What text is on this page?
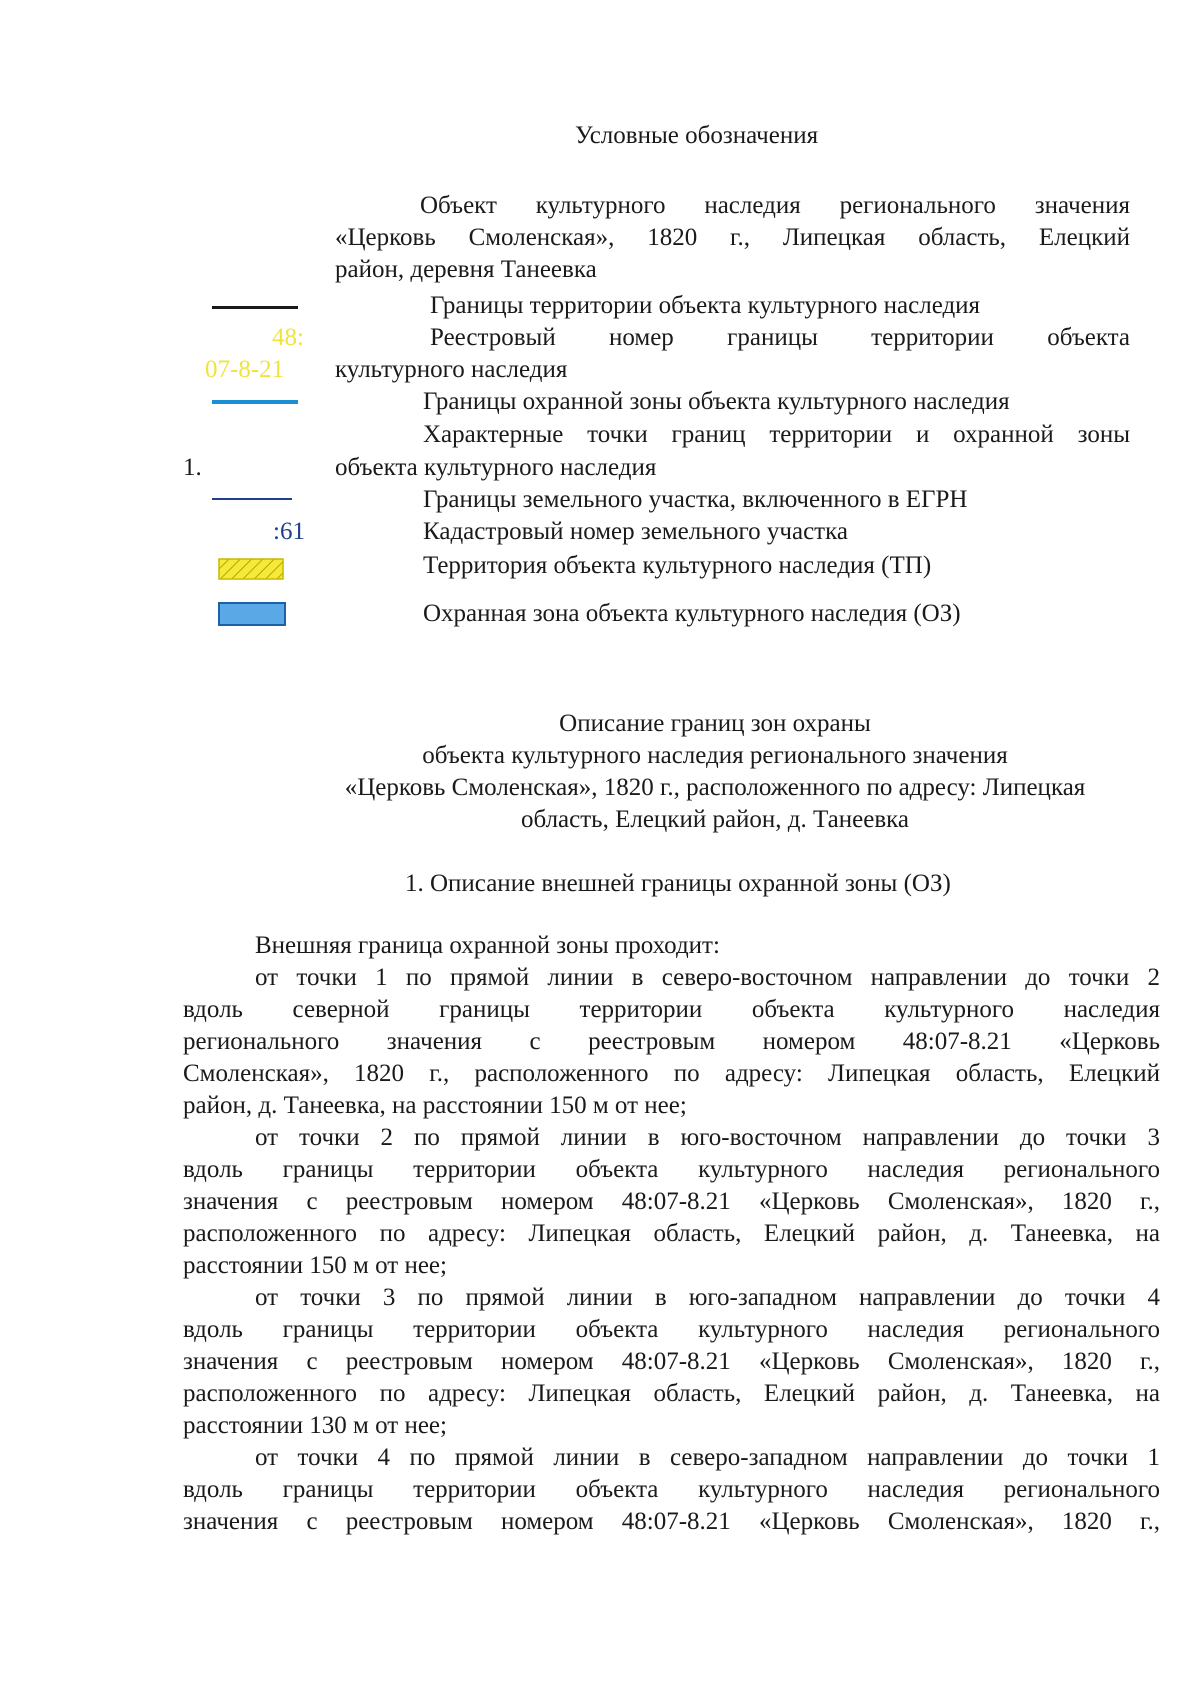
Условные обозначения
Объект культурного наследия регионального значения
«Церковь Смоленская», 1820 г., Липецкая область, Елецкий
район, деревня Танеевка
Границы территории объекта культурного наследия
48:
07-8-21
Реестровый номер границы территории объекта
культурного наследия
Границы охранной зоны объекта культурного наследия
Характерные точки границ территории и охранной зоны
1.	объекта культурного наследия
Границы земельного участка, включенного в ЕГРН
:61	Кадастровый номер земельного участка
Территория объекта культурного наследия (ТП)
Охранная зона объекта культурного наследия (ОЗ)
Описание границ зон охраны
объекта культурного наследия регионального значения
«Церковь Смоленская», 1820 г., расположенного по адресу: Липецкая
область, Елецкий район, д. Танеевка
1. Описание внешней границы охранной зоны (ОЗ)
Внешняя граница охранной зоны проходит:
от точки 1 по прямой линии в северо-восточном направлении до точки 2
вдоль северной границы территории объекта культурного наследия
регионального значения с реестровым номером 48:07-8.21 «Церковь
Смоленская», 1820 г., расположенного по адресу: Липецкая область, Елецкий
район, д. Танеевка, на расстоянии 150 м от нее;
от точки 2 по прямой линии в юго-восточном направлении до точки 3
вдоль границы территории объекта культурного наследия регионального
значения с реестровым номером 48:07-8.21 «Церковь Смоленская», 1820 г.,
расположенного по адресу: Липецкая область, Елецкий район, д. Танеевка, на
расстоянии 150 м от нее;
от точки 3 по прямой линии в юго-западном направлении до точки 4
вдоль границы территории объекта культурного наследия регионального
значения с реестровым номером 48:07-8.21 «Церковь Смоленская», 1820 г.,
расположенного по адресу: Липецкая область, Елецкий район, д. Танеевка, на
расстоянии 130 м от нее;
от точки 4 по прямой линии в северо-западном направлении до точки 1
вдоль границы территории объекта культурного наследия регионального
значения с реестровым номером 48:07-8.21 «Церковь Смоленская», 1820 г.,
